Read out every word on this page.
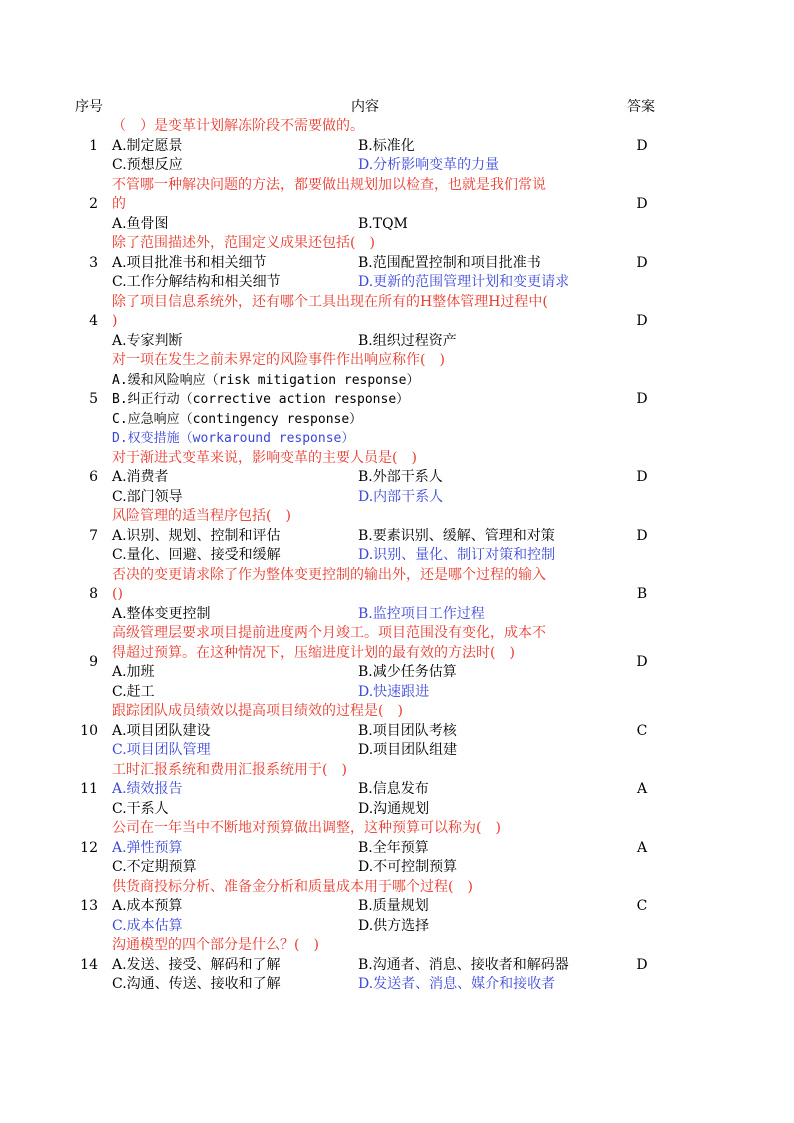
序号	内容	答案
（　）是变革计划解冻阶段不需要做的。
A.制定愿景	B.标准化
C.预想反应	D.分析影响变革的力量
1	D
不管哪一种解决问题的方法，都要做出规划加以检查，也就是我们常说
的
A.鱼骨图	B.TQM
2	D
除了范围描述外，范围定义成果还包括(　)
A.项目批准书和相关细节	B.范围配置控制和项目批准书
C.工作分解结构和相关细节	D.更新的范围管理计划和变更请求
3	D
除了项目信息系统外，还有哪个工具出现在所有的H整体管理H过程中(
)
A.专家判断	B.组织过程资产
4	D
对一项在发生之前未界定的风险事件作出响应称作(　)
A.缓和风险响应（risk mitigation response）
B.纠正行动（corrective action response）
C.应急响应（contingency response）
D.权变措施（workaround response）
5	D
对于渐进式变革来说，影响变革的主要人员是(　)
A.消费者	B.外部干系人
C.部门领导	D.内部干系人
6	D
风险管理的适当程序包括(　)
A.识别、规划、控制和评估	B.要素识别、缓解、管理和对策
C.量化、回避、接受和缓解	D.识别、量化、制订对策和控制
7	D
否决的变更请求除了作为整体变更控制的输出外，还是哪个过程的输入
()
A.整体变更控制	B.监控项目工作过程
8	B
高级管理层要求项目提前进度两个月竣工。项目范围没有变化，成本不
得超过预算。在这种情况下，压缩进度计划的最有效的方法时(　)
A.加班	B.减少任务估算
C.赶工	D.快速跟进
9	D
跟踪团队成员绩效以提高项目绩效的过程是(　)
A.项目团队建设	B.项目团队考核
C.项目团队管理	D.项目团队组建
10	C
工时汇报系统和费用汇报系统用于(　)
A.绩效报告	B.信息发布
C.干系人	D.沟通规划
11	A
公司在一年当中不断地对预算做出调整，这种预算可以称为(　)
A.弹性预算	B.全年预算
C.不定期预算	D.不可控制预算
12	A
供货商投标分析、准备金分析和质量成本用于哪个过程(　)
A.成本预算	B.质量规划
C.成本估算	D.供方选择
13	C
沟通模型的四个部分是什么？(　)
A.发送、接受、解码和了解	B.沟通者、消息、接收者和解码器
C.沟通、传送、接收和了解	D.发送者、消息、媒介和接收者
14	D
